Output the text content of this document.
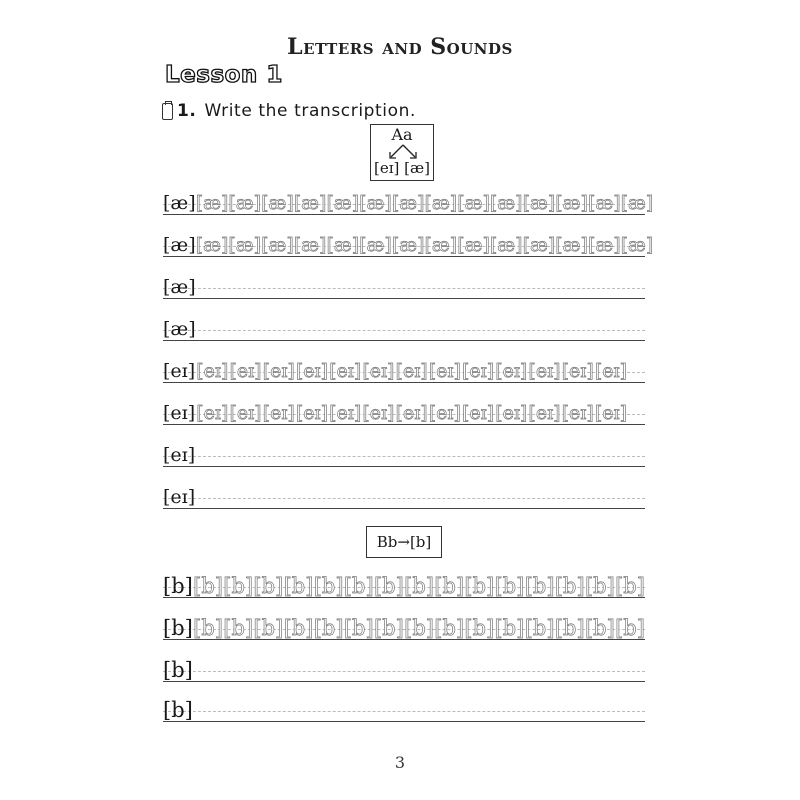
Letters and Sounds
Lesson 1
1. Write the transcription.
Aa
[eɪ] [æ]
[æ] [æ] [æ] [æ] [æ] [æ] [æ] [æ] [æ] [æ] [æ] [æ] [æ] [æ] [æ]
[æ] [æ] [æ] [æ] [æ] [æ] [æ] [æ] [æ] [æ] [æ] [æ] [æ] [æ] [æ]
[æ]
[æ]
[eɪ] [eɪ] [eɪ] [eɪ] [eɪ] [eɪ] [eɪ] [eɪ] [eɪ] [eɪ] [eɪ] [eɪ] [eɪ] [eɪ]
[eɪ] [eɪ] [eɪ] [eɪ] [eɪ] [eɪ] [eɪ] [eɪ] [eɪ] [eɪ] [eɪ] [eɪ] [eɪ] [eɪ]
[eɪ]
[eɪ]
Bb→[b]
[b] [b] [b] [b] [b] [b] [b] [b] [b] [b] [b] [b] [b] [b] [b] [b]
[b] [b] [b] [b] [b] [b] [b] [b] [b] [b] [b] [b] [b] [b] [b] [b]
[b]
[b]
3
